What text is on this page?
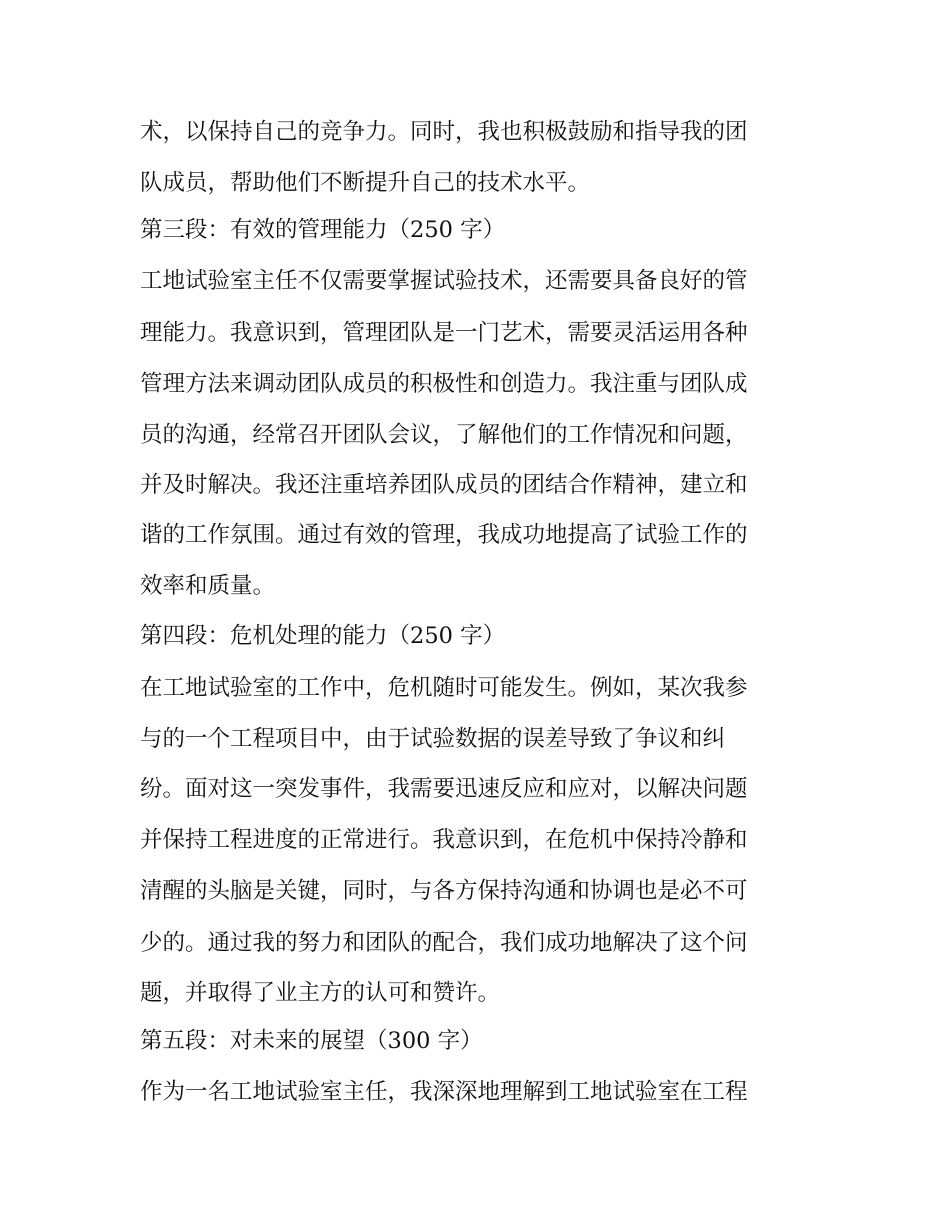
术，以保持自己的竞争力。同时，我也积极鼓励和指导我的团

队成员，帮助他们不断提升自己的技术水平。

第三段：有效的管理能力（250 字）

工地试验室主任不仅需要掌握试验技术，还需要具备良好的管

理能力。我意识到，管理团队是一门艺术，需要灵活运用各种

管理方法来调动团队成员的积极性和创造力。我注重与团队成

员的沟通，经常召开团队会议，了解他们的工作情况和问题，

并及时解决。我还注重培养团队成员的团结合作精神，建立和

谐的工作氛围。通过有效的管理，我成功地提高了试验工作的

效率和质量。

第四段：危机处理的能力（250 字）

在工地试验室的工作中，危机随时可能发生。例如，某次我参

与的一个工程项目中，由于试验数据的误差导致了争议和纠

纷。面对这一突发事件，我需要迅速反应和应对，以解决问题

并保持工程进度的正常进行。我意识到，在危机中保持冷静和

清醒的头脑是关键，同时，与各方保持沟通和协调也是必不可

少的。通过我的努力和团队的配合，我们成功地解决了这个问

题，并取得了业主方的认可和赞许。

第五段：对未来的展望（300 字）

作为一名工地试验室主任，我深深地理解到工地试验室在工程
